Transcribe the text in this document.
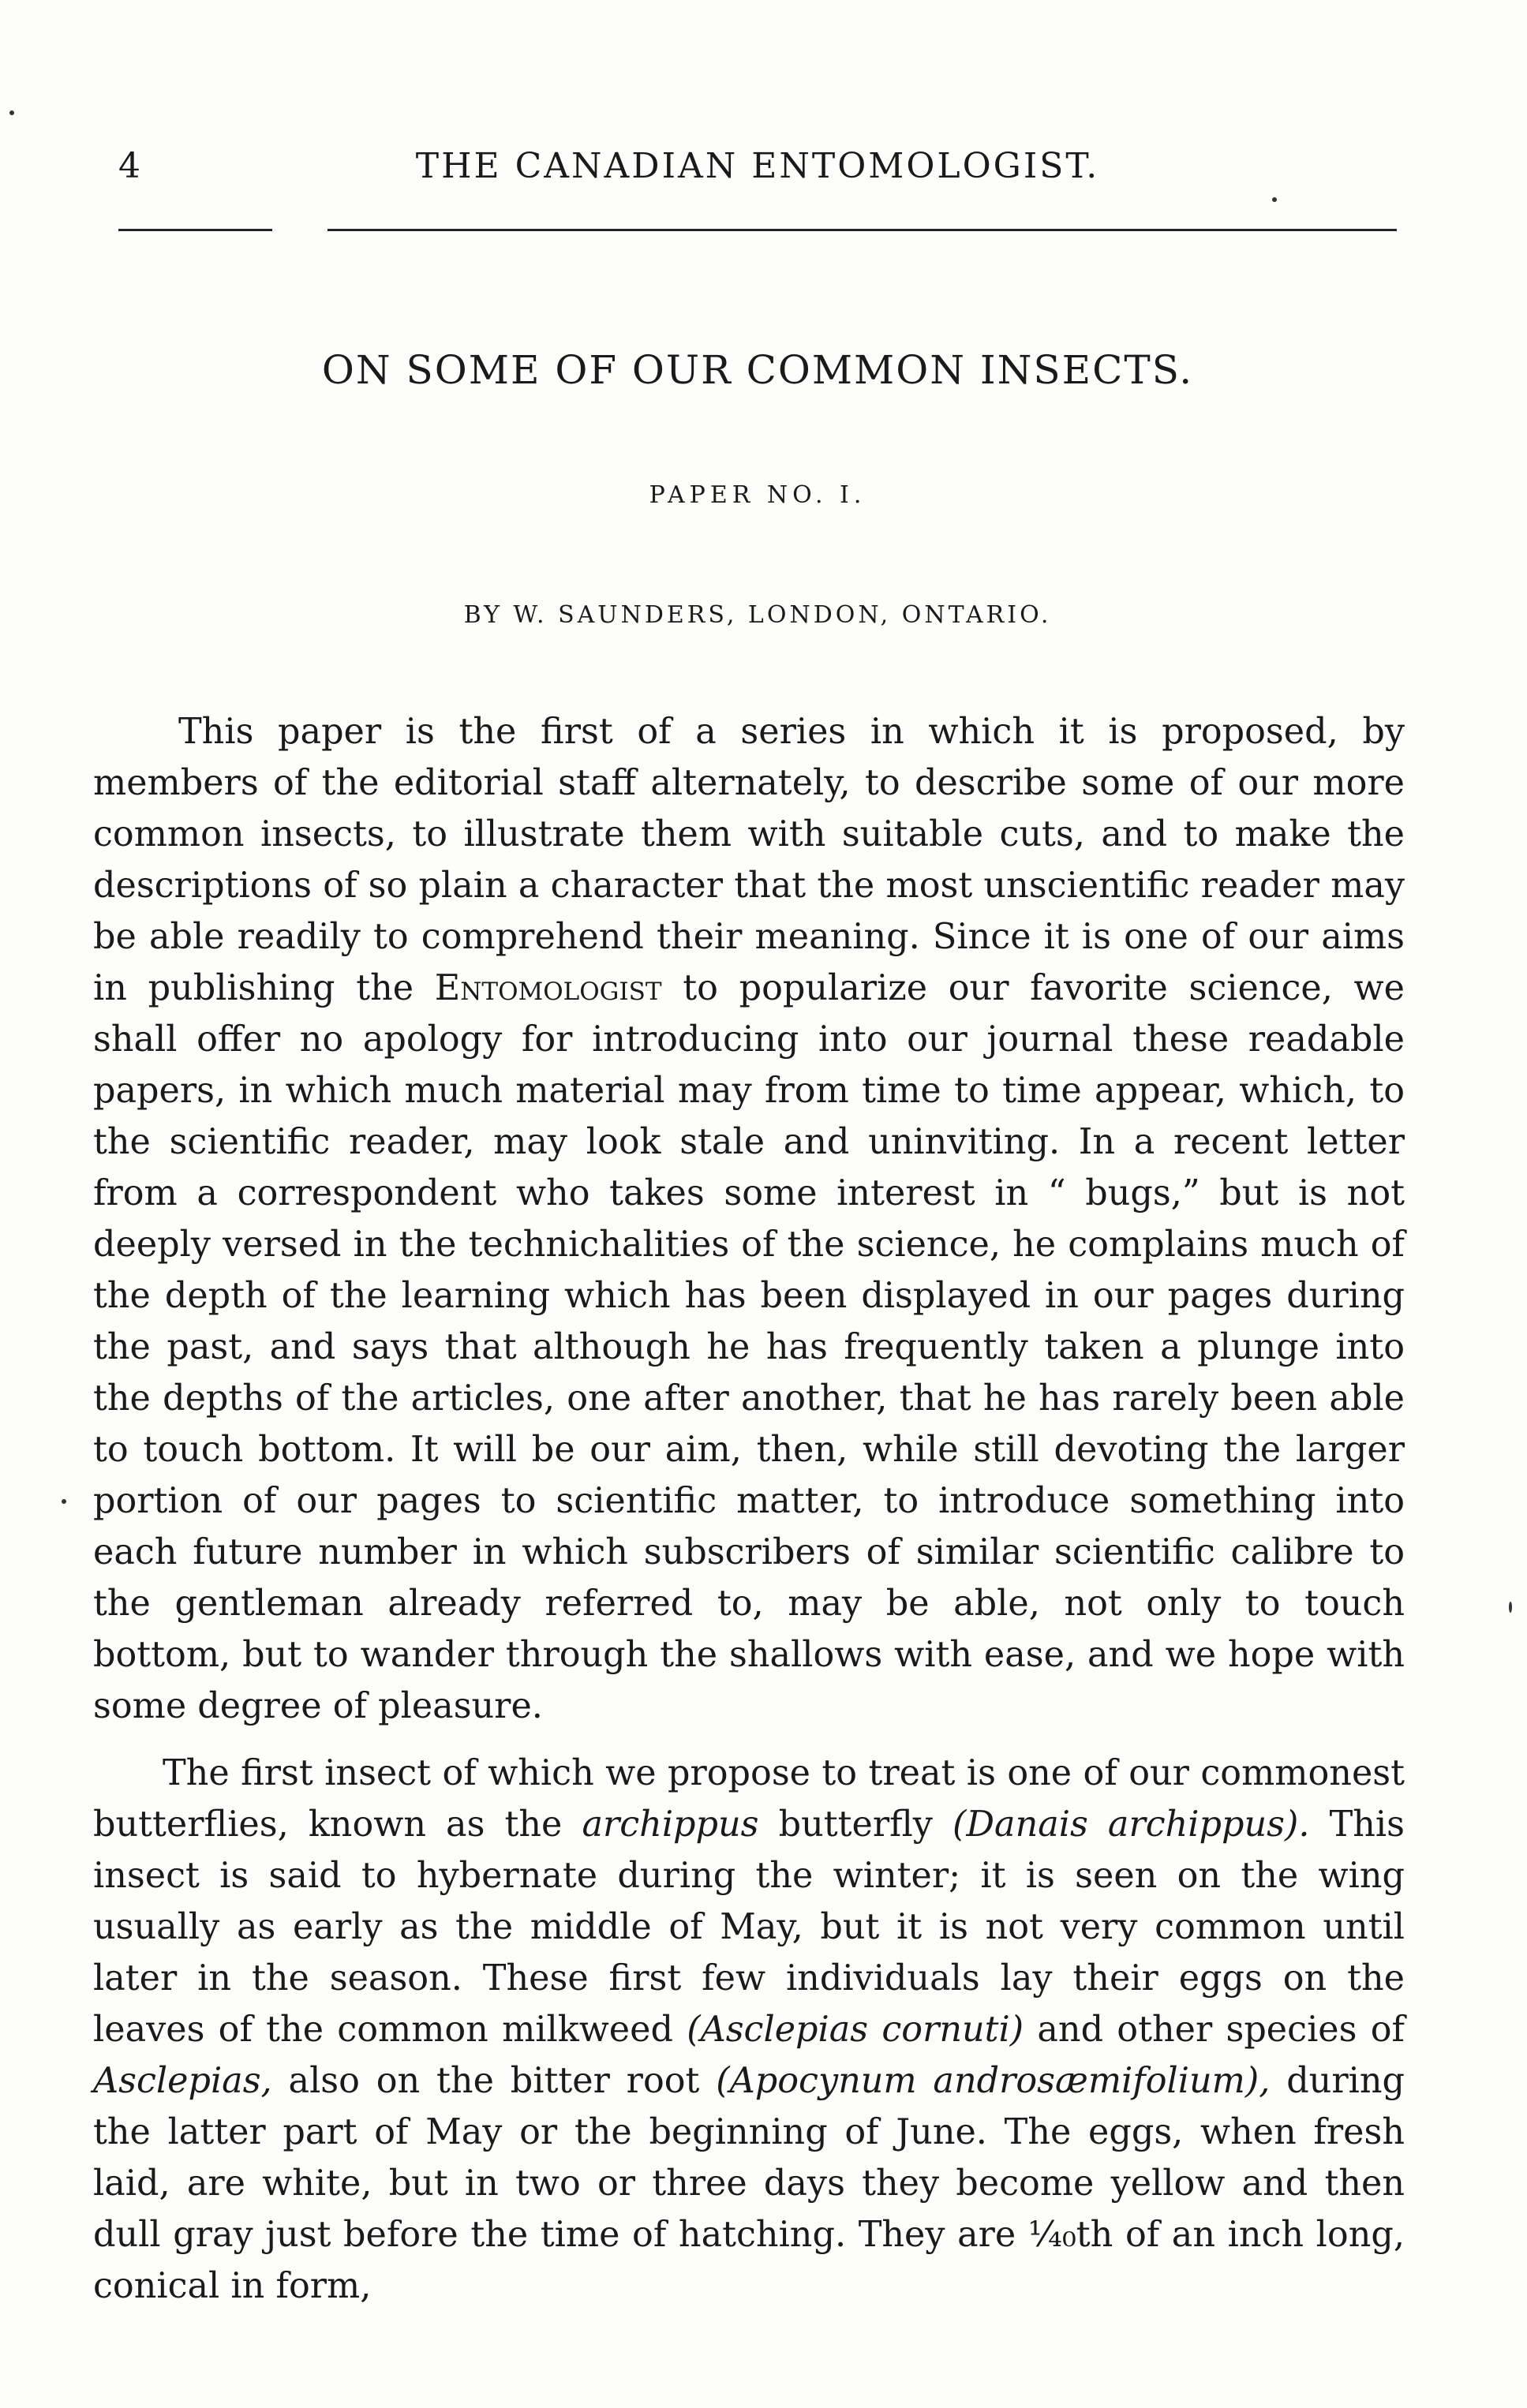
4	THE CANADIAN ENTOMOLOGIST.
ON SOME OF OUR COMMON INSECTS.
PAPER NO. I.
BY W. SAUNDERS, LONDON, ONTARIO.

This paper is the first of a series in which it is proposed, by members of the editorial staff alternately, to describe some of our more common insects, to illustrate them with suitable cuts, and to make the descriptions of so plain a character that the most unscientific reader may be able readily to comprehend their meaning. Since it is one of our aims in publishing the Entomologist to popularize our favorite science, we shall offer no apology for introducing into our journal these readable papers, in which much material may from time to time appear, which, to the scientific reader, may look stale and uninviting. In a recent letter from a correspondent who takes some interest in “ bugs,” but is not deeply versed in the technichalities of the science, he complains much of the depth of the learning which has been displayed in our pages during the past, and says that although he has frequently taken a plunge into the depths of the articles, one after another, that he has rarely been able to touch bottom. It will be our aim, then, while still devoting the larger portion of our pages to scientific matter, to introduce something into each future number in which subscribers of similar scientific calibre to the gentleman already referred to, may be able, not only to touch bottom, but to wander through the shallows with ease, and we hope with some degree of pleasure.

The first insect of which we propose to treat is one of our commonest butterflies, known as the archippus butterfly (Danais archippus). This insect is said to hybernate during the winter; it is seen on the wing usually as early as the middle of May, but it is not very common until later in the season. These first few individuals lay their eggs on the leaves of the common milkweed (Asclepias cornuti) and other species of Asclepias, also on the bitter root (Apocynum androsæmifolium), during the latter part of May or the beginning of June. The eggs, when fresh laid, are white, but in two or three days they become yellow and then dull gray just before the time of hatching. They are ¹⁄₄₀th of an inch long, conical in form,
